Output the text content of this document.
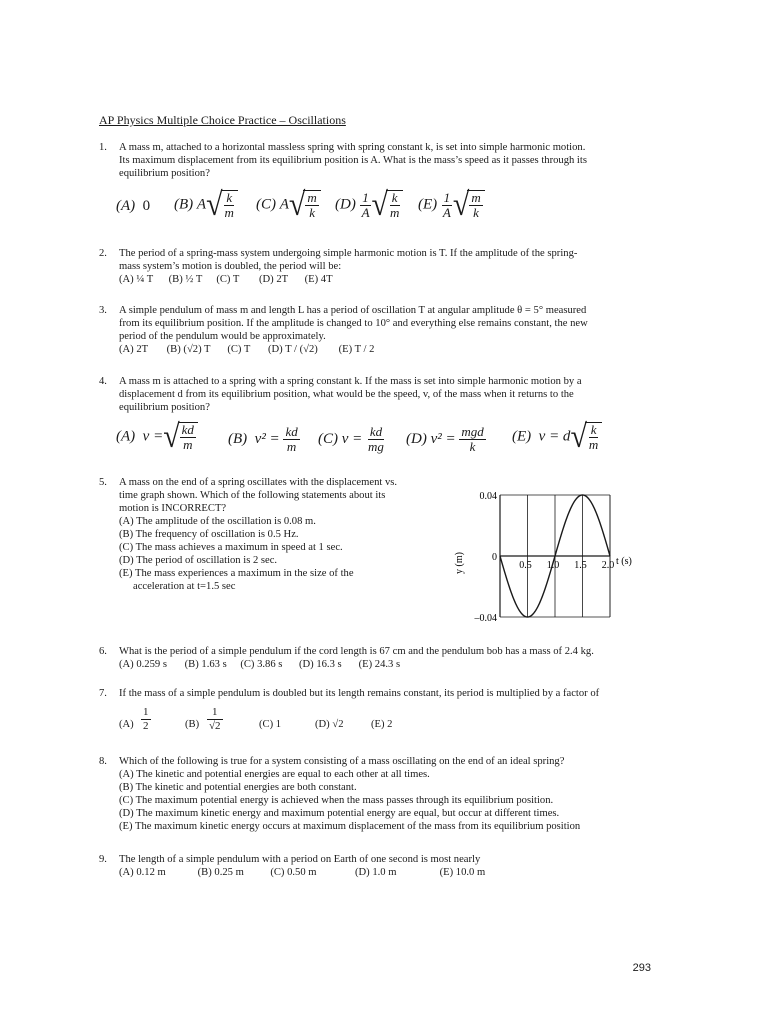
AP Physics Multiple Choice Practice – Oscillations
1.	A mass m, attached to a horizontal massless spring with spring constant k, is set into simple harmonic motion.
Its maximum displacement from its equilibrium position is A. What is the mass’s speed as it passes through its
equilibrium position?
(A) 0 (B) A √ $\frac{k}{m} (C)$ A √ $\frac{m}{k} (D) \frac{1}{A}$ √ $\frac{k}{m} (E) \frac{1}{A}$ √ $\frac{m}{k}$
2.	The period of a spring-mass system undergoing simple harmonic motion is T. If the amplitude of the spring-
mass system’s motion is doubled, the period will be:
(A) ¼ T (B) ½ T (C) T (D) 2T (E) 4T
3.	A simple pendulum of mass m and length L has a period of oscillation T at angular amplitude θ = 5° measured
from its equilibrium position. If the amplitude is changed to 10° and everything else remains constant, the new
period of the pendulum would be approximately.
(A) 2T (B) (√2) T (C) T (D) T / (√2) (E) T / 2
4.	A mass m is attached to a spring with a spring constant k. If the mass is set into simple harmonic motion by a
displacement d from its equilibrium position, what would be the speed, v, of the mass when it returns to the
equilibrium position?
(A) v = √ $\frac{kd}{m} (B) v^2 = \frac{kd}{m} (C) v = \frac{kd}{mg} (D) v^2 = \frac{\text{mgd}}{k} (E) v = d$ √ $\frac{k}{m}$
5.	A mass on the end of a spring oscillates with the displacement vs.
time graph shown. Which of the following statements about its
motion is INCORRECT?
(A) The amplitude of the oscillation is 0.08 m.
(B) The frequency of oscillation is 0.5 Hz.
(C) The mass achieves a maximum in speed at 1 sec.
(D) The period of oscillation is 2 sec.
(E) The mass experiences a maximum in the size of the
acceleration at t=1.5 sec
0.5 1.0 1.5 2.0
0.04
0
–0.04
y (m)	t (s)
6.	What is the period of a simple pendulum if the cord length is 67 cm and the pendulum bob has a mass of 2.4 kg.
(A) 0.259 s (B) 1.63 s (C) 3.86 s (D) 16.3 s (E) 24.3 s
7.	If the mass of a simple pendulum is doubled but its length remains constant, its period is multiplied by a factor of
$(A) \frac{1}{2}$	$(B) \frac{1}{√2}$	(C) 1	(D) √2	(E) 2
8.	Which of the following is true for a system consisting of a mass oscillating on the end of an ideal spring?
(A) The kinetic and potential energies are equal to each other at all times.
(B) The kinetic and potential energies are both constant.
(C) The maximum potential energy is achieved when the mass passes through its equilibrium position.
(D) The maximum kinetic energy and maximum potential energy are equal, but occur at different times.
(E) The maximum kinetic energy occurs at maximum displacement of the mass from its equilibrium position
9.	The length of a simple pendulum with a period on Earth of one second is most nearly
(A) 0.12 m	(B) 0.25 m (C) 0.50 m	(D) 1.0 m	(E) 10.0 m
293
